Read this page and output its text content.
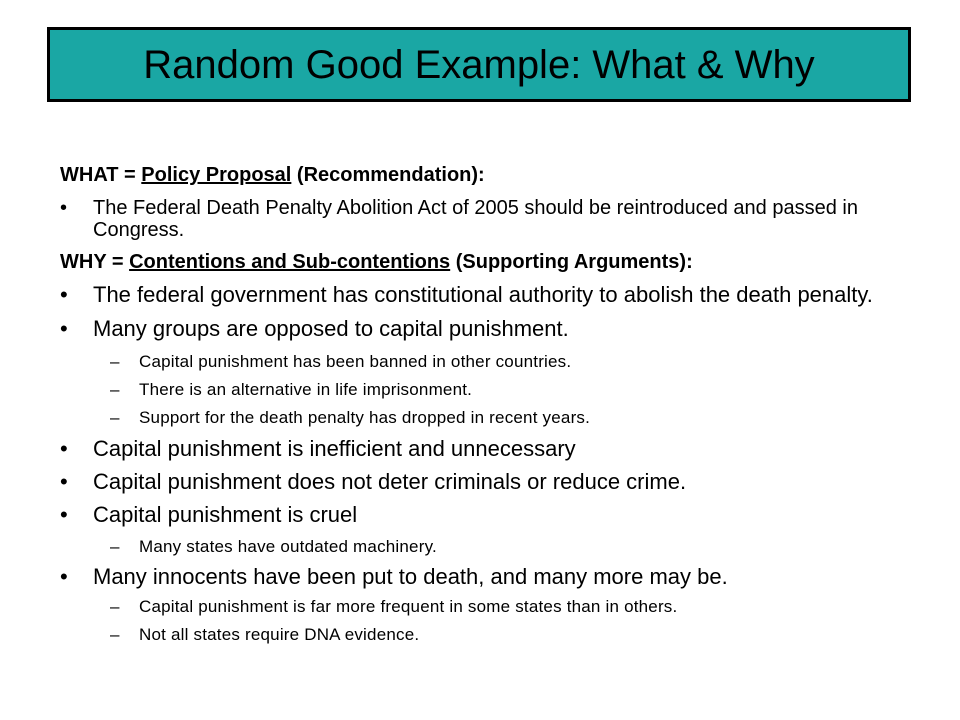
Random Good Example: What & Why

WHAT = Policy Proposal (Recommendation):

• The Federal Death Penalty Abolition Act of 2005 should be reintroduced and passed in Congress.

WHY = Contentions and Sub-contentions (Supporting Arguments):

• The federal government has constitutional authority to abolish the death penalty.

• Many groups are opposed to capital punishment.

– Capital punishment has been banned in other countries.

– There is an alternative in life imprisonment.

– Support for the death penalty has dropped in recent years.

• Capital punishment is inefficient and unnecessary

• Capital punishment does not deter criminals or reduce crime.

• Capital punishment is cruel

– Many states have outdated machinery.

• Many innocents have been put to death, and many more may be.

– Capital punishment is far more frequent in some states than in others.

– Not all states require DNA evidence.
